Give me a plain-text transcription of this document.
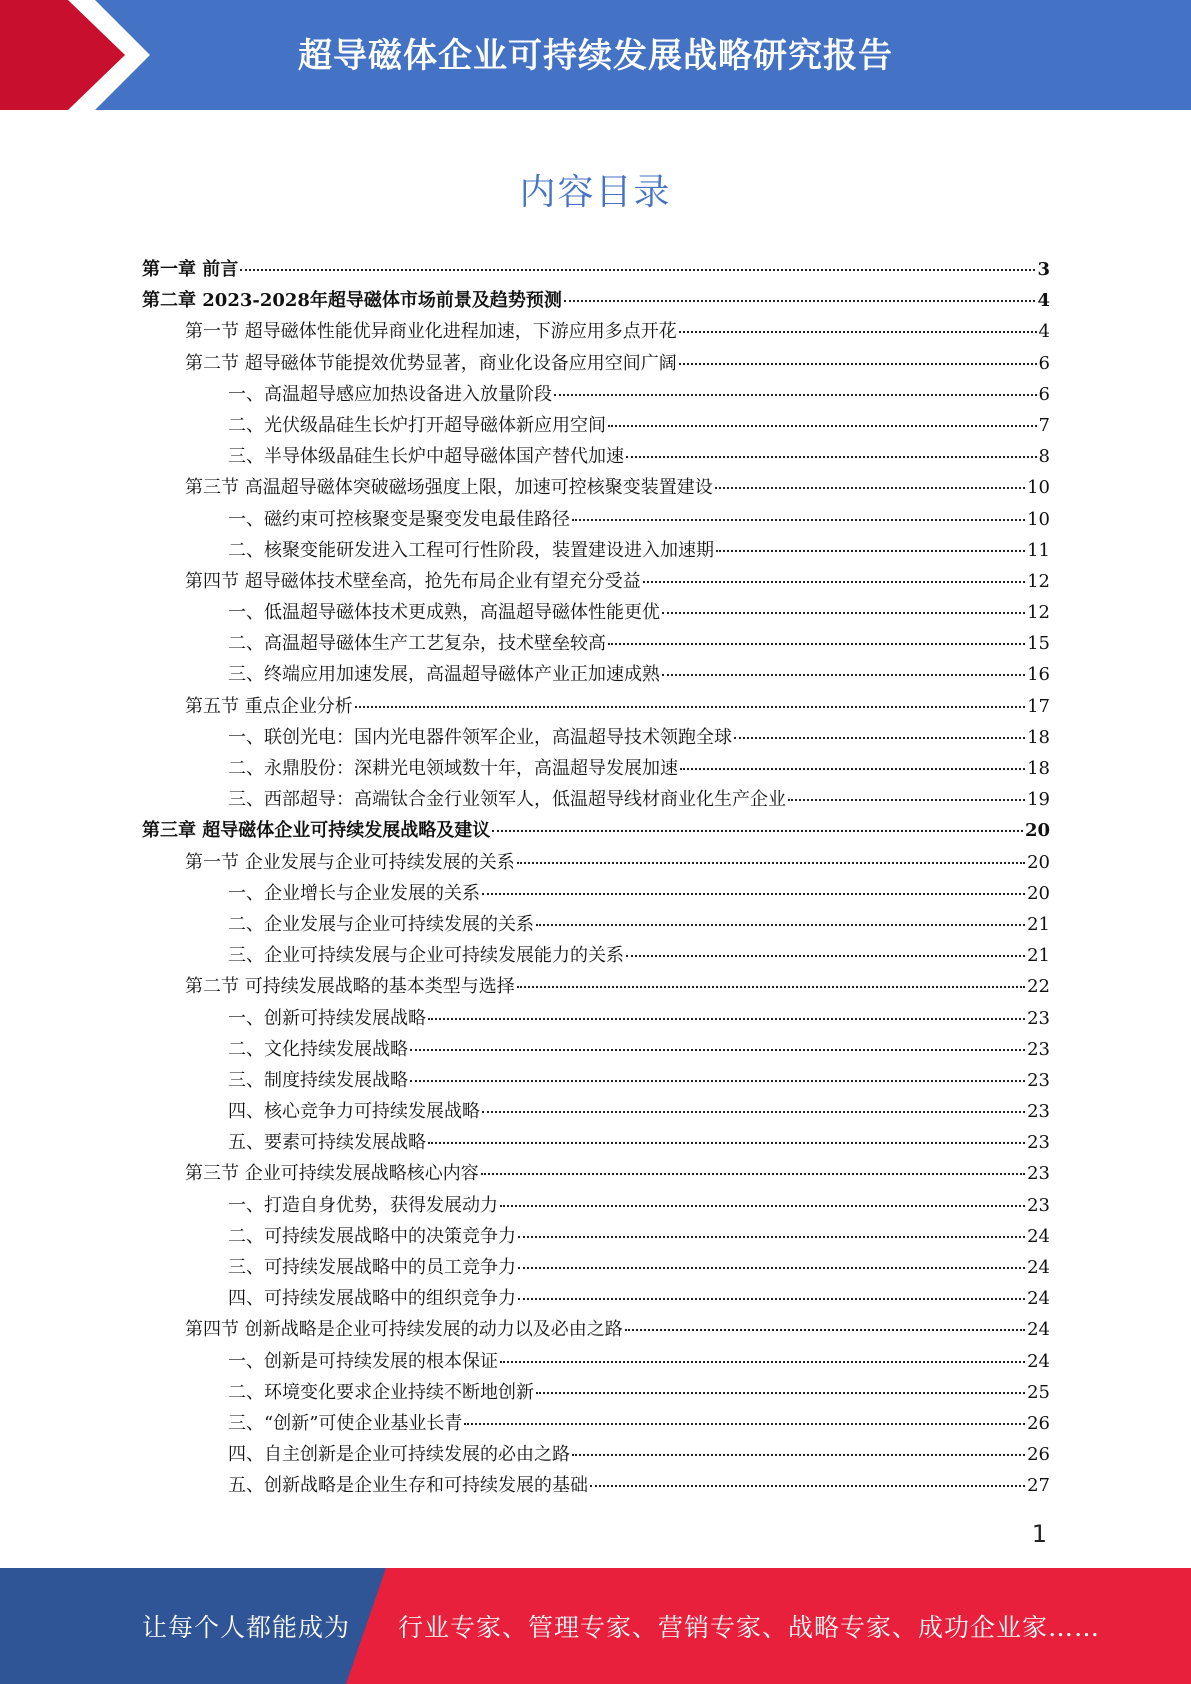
超导磁体企业可持续发展战略研究报告
内容目录
第一章 前言	3
第二章 2023-2028年超导磁体市场前景及趋势预测	4
第一节 超导磁体性能优异商业化进程加速，下游应用多点开花	4
第二节 超导磁体节能提效优势显著，商业化设备应用空间广阔	6
一、高温超导感应加热设备进入放量阶段	6
二、光伏级晶硅生长炉打开超导磁体新应用空间	7
三、半导体级晶硅生长炉中超导磁体国产替代加速	8
第三节 高温超导磁体突破磁场强度上限，加速可控核聚变装置建设	10
一、磁约束可控核聚变是聚变发电最佳路径	10
二、核聚变能研发进入工程可行性阶段，装置建设进入加速期	11
第四节 超导磁体技术壁垒高，抢先布局企业有望充分受益	12
一、低温超导磁体技术更成熟，高温超导磁体性能更优	12
二、高温超导磁体生产工艺复杂，技术壁垒较高	15
三、终端应用加速发展，高温超导磁体产业正加速成熟	16
第五节 重点企业分析	17
一、联创光电：国内光电器件领军企业，高温超导技术领跑全球	18
二、永鼎股份：深耕光电领域数十年，高温超导发展加速	18
三、西部超导：高端钛合金行业领军人，低温超导线材商业化生产企业	19
第三章 超导磁体企业可持续发展战略及建议	20
第一节 企业发展与企业可持续发展的关系	20
一、企业增长与企业发展的关系	20
二、企业发展与企业可持续发展的关系	21
三、企业可持续发展与企业可持续发展能力的关系	21
第二节 可持续发展战略的基本类型与选择	22
一、创新可持续发展战略	23
二、文化持续发展战略	23
三、制度持续发展战略	23
四、核心竞争力可持续发展战略	23
五、要素可持续发展战略	23
第三节 企业可持续发展战略核心内容	23
一、打造自身优势，获得发展动力	23
二、可持续发展战略中的决策竞争力	24
三、可持续发展战略中的员工竞争力	24
四、可持续发展战略中的组织竞争力	24
第四节 创新战略是企业可持续发展的动力以及必由之路	24
一、创新是可持续发展的根本保证	24
二、环境变化要求企业持续不断地创新	25
三、“创新”可使企业基业长青	26
四、自主创新是企业可持续发展的必由之路	26
五、创新战略是企业生存和可持续发展的基础	27
1
让每个人都能成为 行业专家、管理专家、营销专家、战略专家、成功企业家……
